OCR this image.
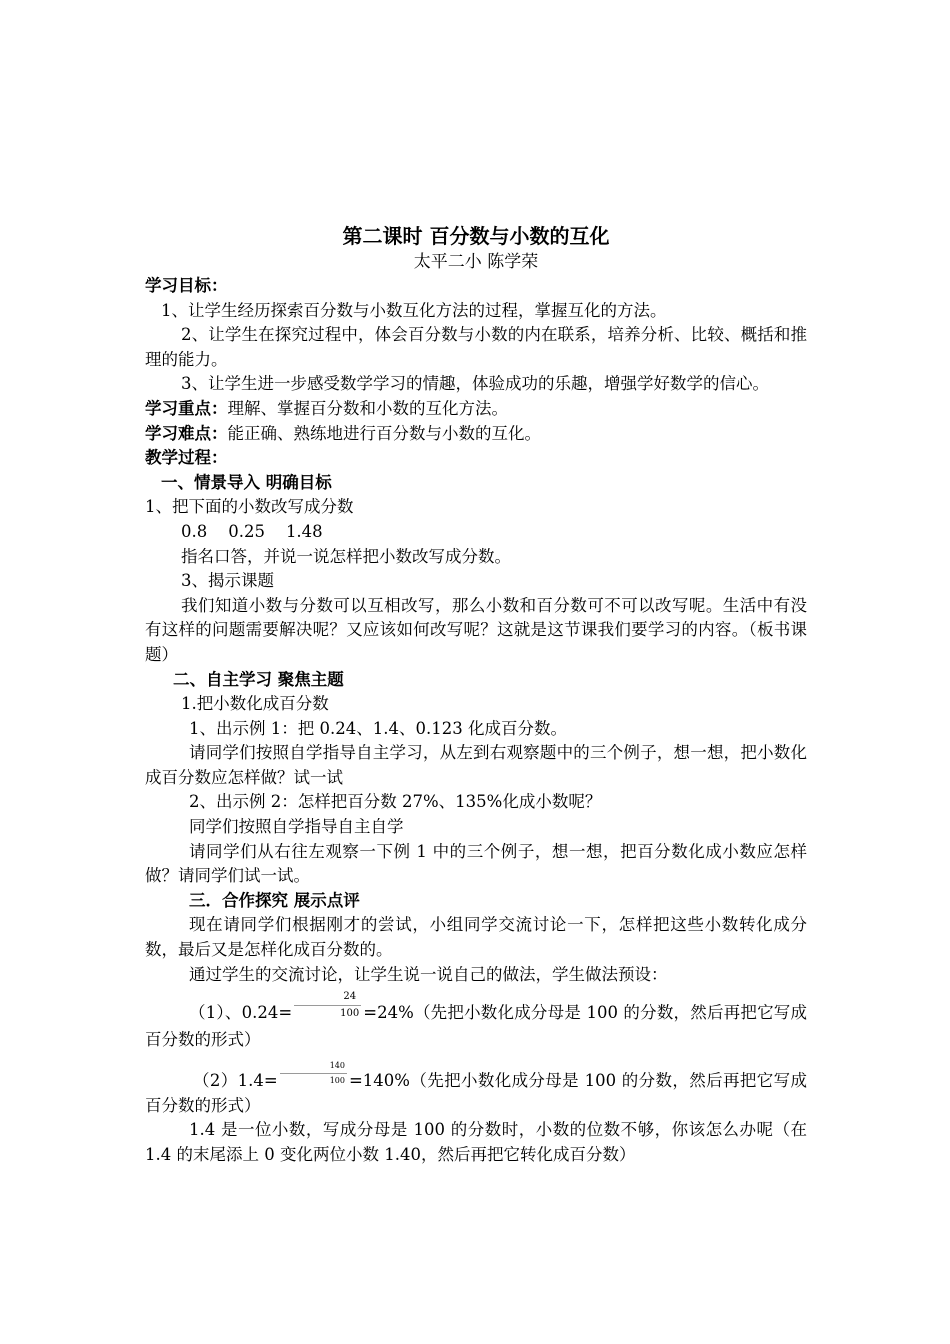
第二课时 百分数与小数的互化

太平二小 陈学荣

学习目标：

1、让学生经历探索百分数与小数互化方法的过程，掌握互化的方法。

2、让学生在探究过程中，体会百分数与小数的内在联系，培养分析、比较、概括和推理的能力。

3、让学生进一步感受数学学习的情趣，体验成功的乐趣，增强学好数学的信心。

学习重点：理解、掌握百分数和小数的互化方法。

学习难点：能正确、熟练地进行百分数与小数的互化。

教学过程：

一、情景导入 明确目标

1、把下面的小数改写成分数

0.8    0.25    1.48

指名口答，并说一说怎样把小数改写成分数。

3、揭示课题

我们知道小数与分数可以互相改写，那么小数和百分数可不可以改写呢。生活中有没有这样的问题需要解决呢？又应该如何改写呢？这就是这节课我们要学习的内容。（板书课题）

二、自主学习 聚焦主题

1.把小数化成百分数

1、出示例 1：把 0.24、1.4、0.123 化成百分数。

请同学们按照自学指导自主学习，从左到右观察题中的三个例子，想一想，把小数化成百分数应怎样做？试一试

2、出示例 2：怎样把百分数 27%、135%化成小数呢？

同学们按照自学指导自主自学

请同学们从右往左观察一下例 1 中的三个例子，想一想，把百分数化成小数应怎样做？请同学们试一试。

三．合作探究 展示点评

现在请同学们根据刚才的尝试，小组同学交流讨论一下，怎样把这些小数转化成分数，最后又是怎样化成百分数的。

通过学生的交流讨论，让学生说一说自己的做法，学生做法预设：

（1）、$0.24= \frac{24}{100} =24\%$（先把小数化成分母是 100 的分数，然后再把它写成百分数的形式）

$(2)1.4= \frac{140}{100} =140\%$（先把小数化成分母是 100 的分数，然后再把它写成百分数的形式）

1.4 是一位小数，写成分母是 100 的分数时，小数的位数不够，你该怎么办呢（在 1.4 的末尾添上 0 变化两位小数 1.40，然后再把它转化成百分数）
